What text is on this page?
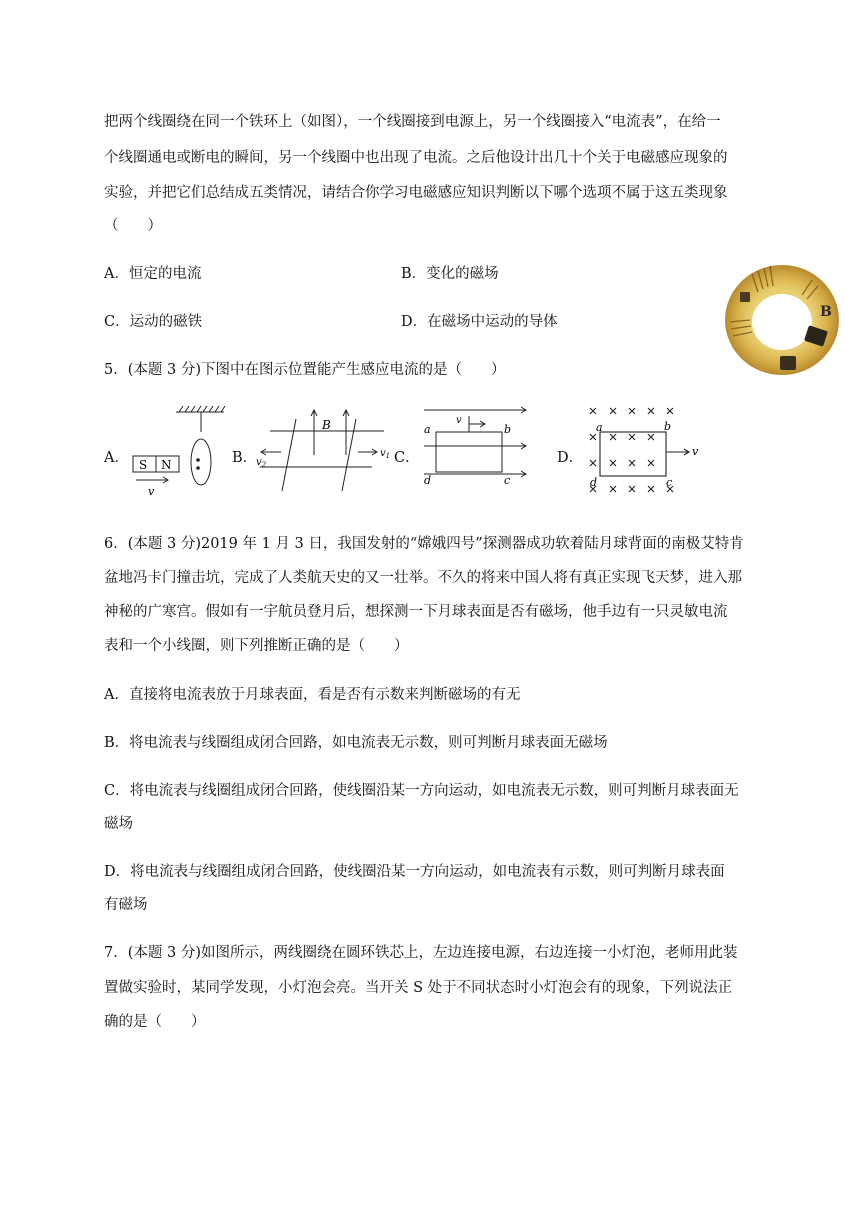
把两个线圈绕在同一个铁环上（如图），一个线圈接到电源上，另一个线圈接入“电流表”，在给一
个线圈通电或断电的瞬间，另一个线圈中也出现了电流。之后他设计出几十个关于电磁感应现象的
实验，并把它们总结成五类情况，请结合你学习电磁感应知识判断以下哪个选项不属于这五类现象
（　　）
A．恒定的电流	B．变化的磁场
C．运动的磁铁	D．在磁场中运动的导体
B
5．(本题 3 分)下图中在图示位置能产生感应电流的是（　　）
A．	B．	C．	D．
S N
v
B
$v_1$
$v_2$
v
a	b
d	c
v
a	b
d	c
6．(本题 3 分)2019 年 1 月 3 日，我国发射的“嫦娥四号”探测器成功软着陆月球背面的南极艾特肯
盆地冯卡门撞击坑，完成了人类航天史的又一壮举。不久的将来中国人将有真正实现飞天梦，进入那
神秘的广寒宫。假如有一宇航员登月后，想探测一下月球表面是否有磁场，他手边有一只灵敏电流
表和一个小线圈，则下列推断正确的是（　　）
A．直接将电流表放于月球表面，看是否有示数来判断磁场的有无
B．将电流表与线圈组成闭合回路，如电流表无示数，则可判断月球表面无磁场
C．将电流表与线圈组成闭合回路，使线圈沿某一方向运动，如电流表无示数，则可判断月球表面无
磁场
D．将电流表与线圈组成闭合回路，使线圈沿某一方向运动，如电流表有示数，则可判断月球表面
有磁场
7．(本题 3 分)如图所示，两线圈绕在圆环铁芯上，左边连接电源，右边连接一小灯泡，老师用此装
置做实验时，某同学发现，小灯泡会亮。当开关 S 处于不同状态时小灯泡会有的现象，下列说法正
确的是（　　）
